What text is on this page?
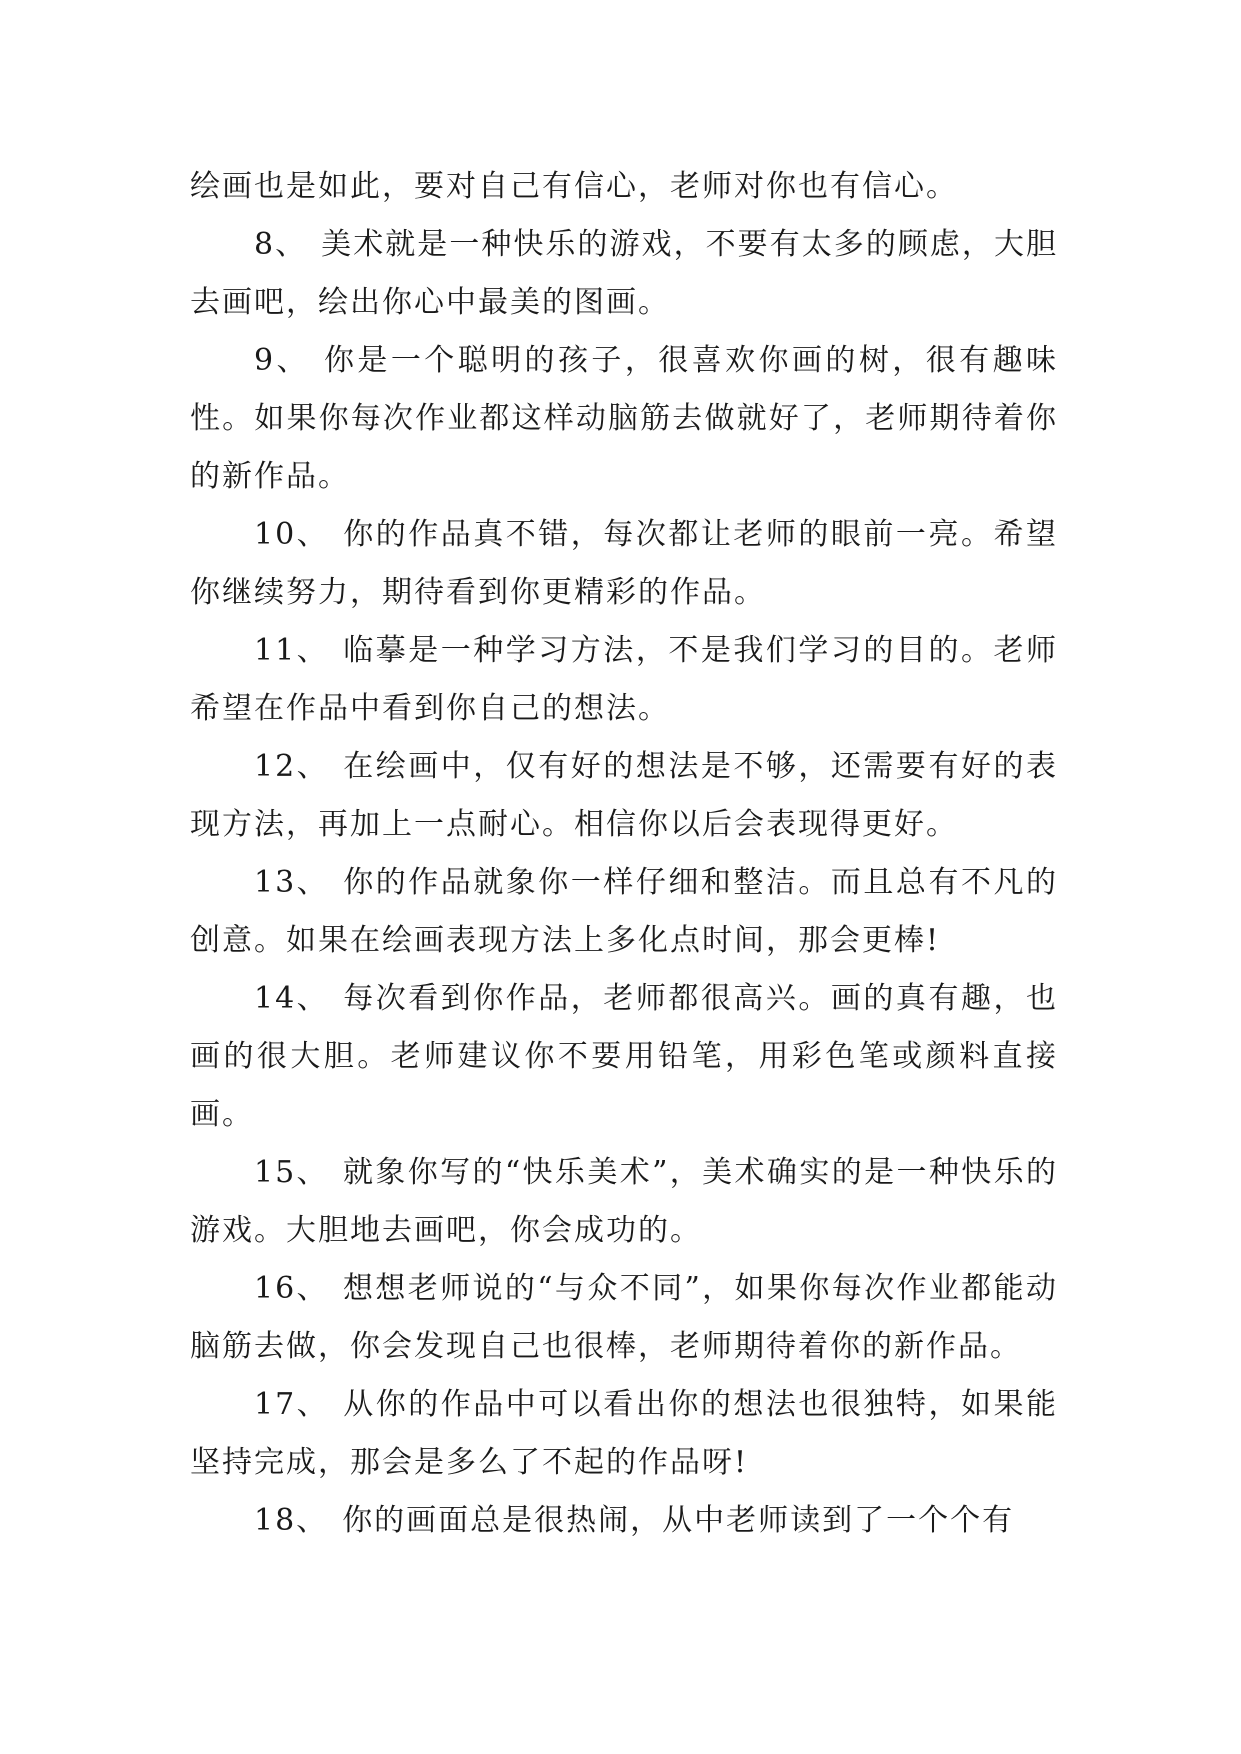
绘画也是如此，要对自己有信心，老师对你也有信心。

8、 美术就是一种快乐的游戏，不要有太多的顾虑，大胆去画吧，绘出你心中最美的图画。

9、 你是一个聪明的孩子，很喜欢你画的树，很有趣味性。如果你每次作业都这样动脑筋去做就好了，老师期待着你的新作品。

10、 你的作品真不错，每次都让老师的眼前一亮。希望你继续努力，期待看到你更精彩的作品。

11、 临摹是一种学习方法，不是我们学习的目的。老师希望在作品中看到你自己的想法。

12、 在绘画中，仅有好的想法是不够，还需要有好的表现方法，再加上一点耐心。相信你以后会表现得更好。

13、 你的作品就象你一样仔细和整洁。而且总有不凡的创意。如果在绘画表现方法上多化点时间，那会更棒!

14、 每次看到你作品，老师都很高兴。画的真有趣，也画的很大胆。老师建议你不要用铅笔，用彩色笔或颜料直接画。

15、 就象你写的“快乐美术”，美术确实的是一种快乐的游戏。大胆地去画吧，你会成功的。

16、 想想老师说的“与众不同”，如果你每次作业都能动脑筋去做，你会发现自己也很棒，老师期待着你的新作品。

17、 从你的作品中可以看出你的想法也很独特，如果能坚持完成，那会是多么了不起的作品呀!

18、 你的画面总是很热闹，从中老师读到了一个个有
